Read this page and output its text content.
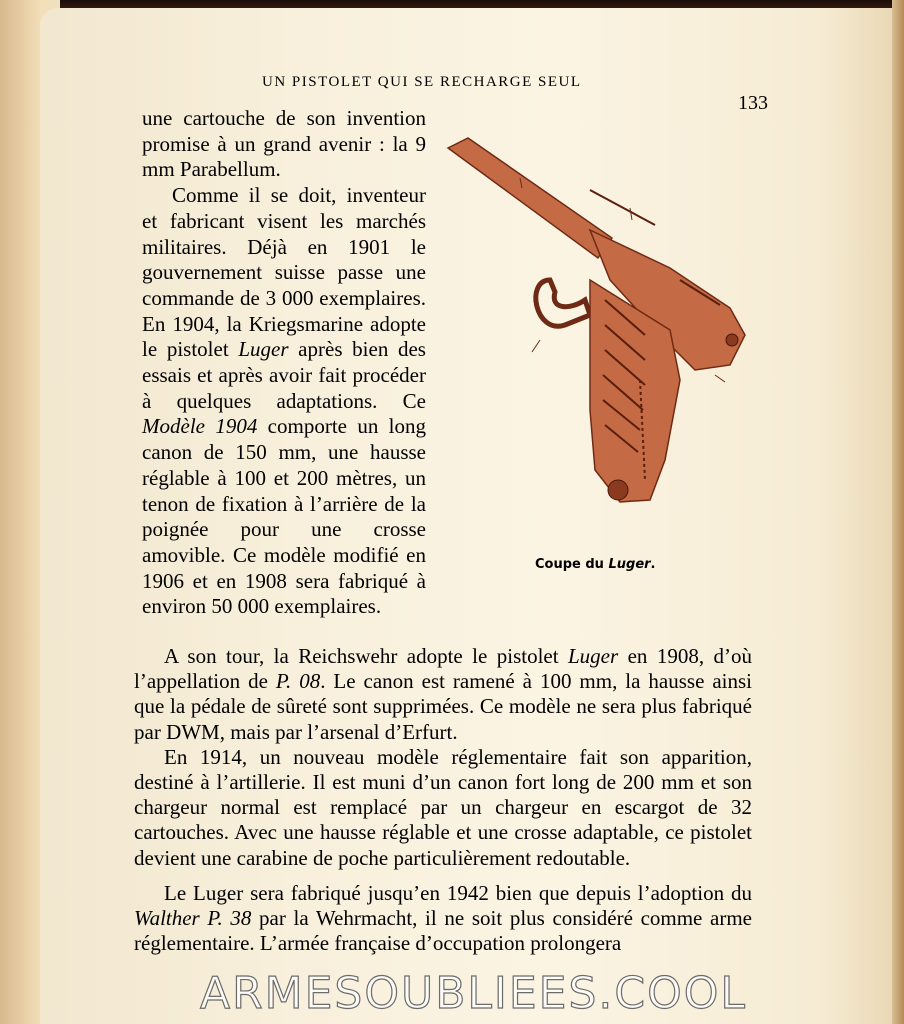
UN PISTOLET QUI SE RECHARGE SEUL
133

une cartouche de son invention promise à un grand avenir : la 9 mm Parabellum.

Comme il se doit, inventeur et fabricant visent les marchés militaires. Déjà en 1901 le gouvernement suisse passe une commande de 3 000 exemplaires. En 1904, la Kriegsmarine adopte le pistolet Luger après bien des essais et après avoir fait procéder à quelques adaptations. Ce Modèle 1904 comporte un long canon de 150 mm, une hausse réglable à 100 et 200 mètres, un tenon de fixation à l’arrière de la poignée pour une crosse amovible. Ce modèle modifié en 1906 et en 1908 sera fabriqué à environ 50 000 exemplaires.

Coupe du Luger.

A son tour, la Reichswehr adopte le pistolet Luger en 1908, d’où l’appellation de P. 08. Le canon est ramené à 100 mm, la hausse ainsi que la pédale de sûreté sont supprimées. Ce modèle ne sera plus fabriqué par DWM, mais par l’arsenal d’Erfurt.

En 1914, un nouveau modèle réglementaire fait son apparition, destiné à l’artillerie. Il est muni d’un canon fort long de 200 mm et son chargeur normal est remplacé par un chargeur en escargot de 32 cartouches. Avec une hausse réglable et une crosse adaptable, ce pistolet devient une carabine de poche particulièrement redoutable.

Le Luger sera fabriqué jusqu’en 1942 bien que depuis l’adoption du Walther P. 38 par la Wehrmacht, il ne soit plus considéré comme arme réglementaire. L’armée française d’occupation prolongera

ARMESOUBLIEES.COOL
